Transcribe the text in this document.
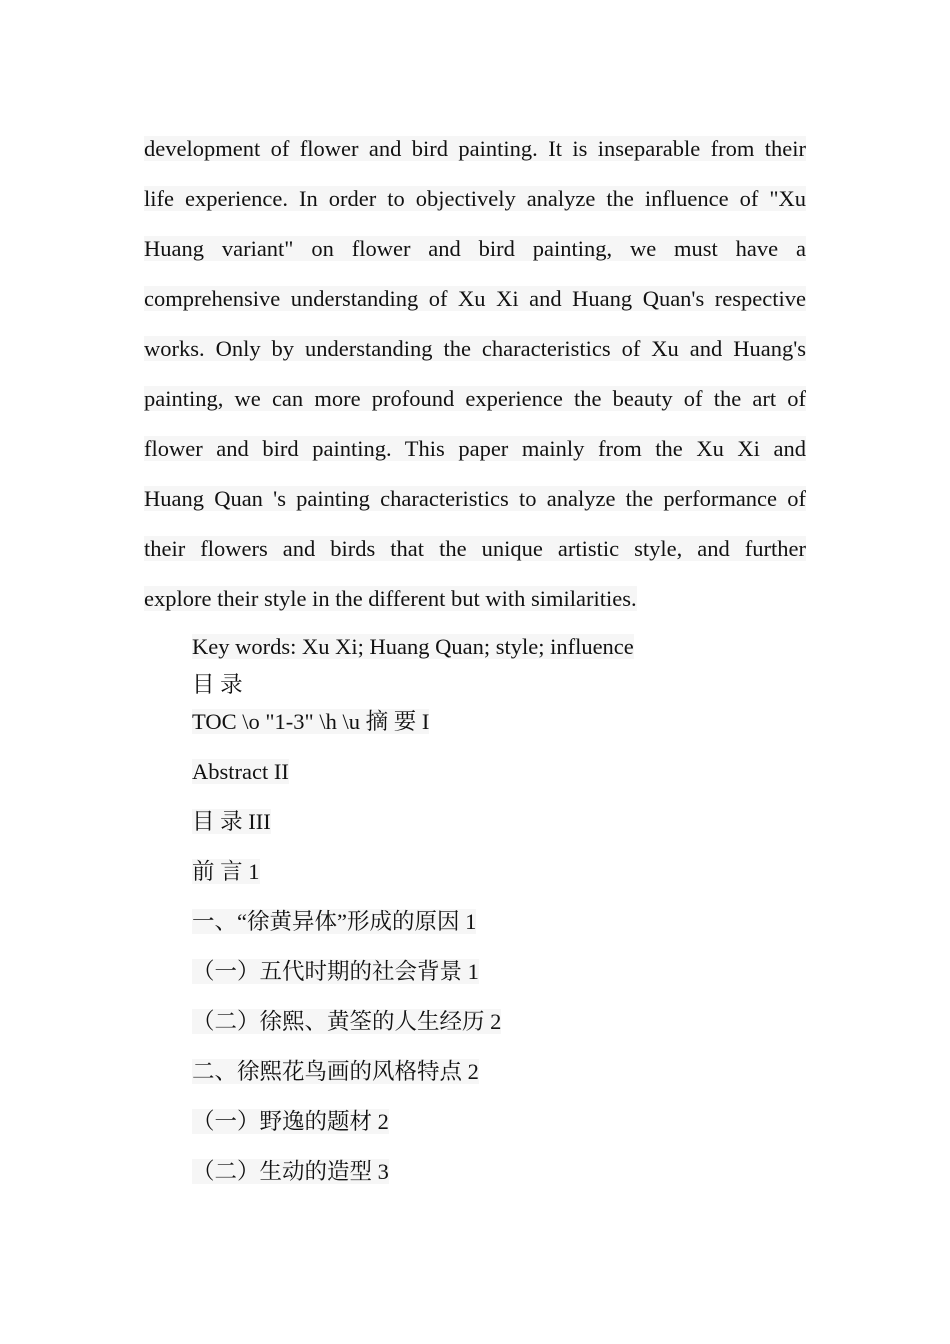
development of flower and bird painting. It is inseparable from their
life experience. In order to objectively analyze the influence of "Xu
Huang variant" on flower and bird painting, we must have a
comprehensive understanding of Xu Xi and Huang Quan's respective
works. Only by understanding the characteristics of Xu and Huang's
painting, we can more profound experience the beauty of the art of
flower and bird painting. This paper mainly from the Xu Xi and
Huang Quan 's painting characteristics to analyze the performance of
their flowers and birds that the unique artistic style, and further
explore their style in the different but with similarities.
Key words: Xu Xi; Huang Quan; style; influence
目 录
TOC \o "1-3" \h \u 摘 要 I
Abstract II
目 录 III
前 言 1
一、“徐黄异体”形成的原因 1
（一）五代时期的社会背景 1
（二）徐熙、黄筌的人生经历 2
二、徐熙花鸟画的风格特点 2
（一）野逸的题材 2
（二）生动的造型 3
